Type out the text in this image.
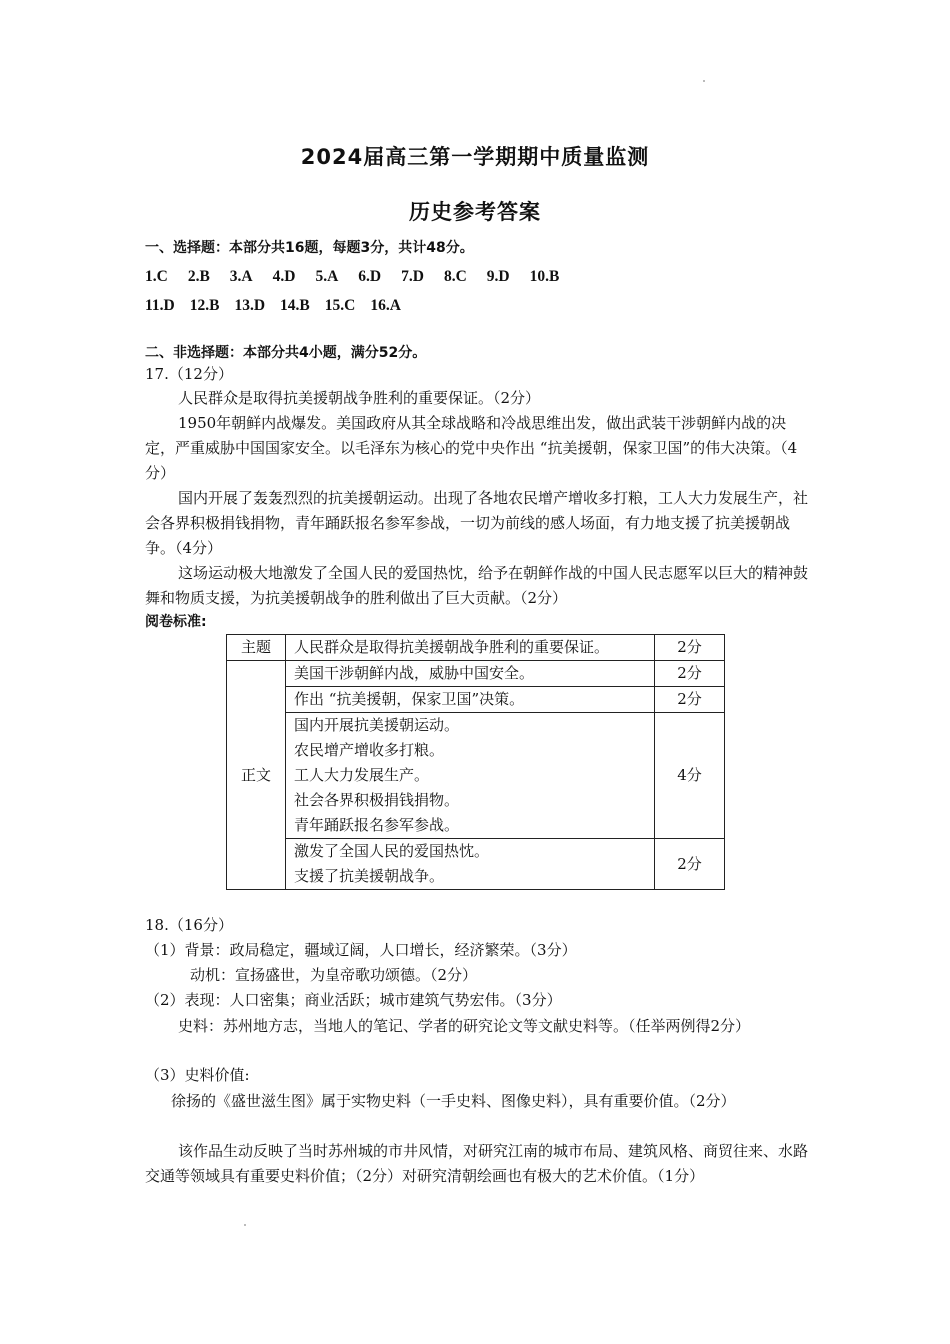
2024届高三第一学期期中质量监测
历史参考答案
一、选择题：本部分共16题，每题3分，共计48分。
1.C 2.B 3.A 4.D 5.A 6.D 7.D 8.C 9.D 10.B
11.D 12.B 13.D 14.B 15.C 16.A
二、非选择题：本部分共4小题，满分52分。
17.（12分）
人民群众是取得抗美援朝战争胜利的重要保证。（2分）
1950年朝鲜内战爆发。美国政府从其全球战略和冷战思维出发，做出武装干涉朝鲜内战的决定，严重威胁中国国家安全。以毛泽东为核心的党中央作出 “抗美援朝，保家卫国”的伟大决策。（4分）
国内开展了轰轰烈烈的抗美援朝运动。出现了各地农民增产增收多打粮，工人大力发展生产，社会各界积极捐钱捐物，青年踊跃报名参军参战，一切为前线的感人场面，有力地支援了抗美援朝战争。（4分）
这场运动极大地激发了全国人民的爱国热忱，给予在朝鲜作战的中国人民志愿军以巨大的精神鼓舞和物质支援，为抗美援朝战争的胜利做出了巨大贡献。（2分）
阅卷标准:
主题	人民群众是取得抗美援朝战争胜利的重要保证。	2分
正文	美国干涉朝鲜内战，威胁中国安全。	2分
	作出 “抗美援朝，保家卫国”决策。	2分

	国内开展抗美援朝运动。
农民增产增收多打粮。
工人大力发展生产。
社会各界积极捐钱捐物。
青年踊跃报名参军参战。	4分

	激发了全国人民的爱国热忱。
支援了抗美援朝战争。	2分
18.（16分）
（1）背景：政局稳定，疆域辽阔，人口增长，经济繁荣。（3分）
动机：宣扬盛世，为皇帝歌功颂德。（2分）
（2）表现：人口密集；商业活跃；城市建筑气势宏伟。（3分）
史料：苏州地方志，当地人的笔记、学者的研究论文等文献史料等。（任举两例得2分）
（3）史料价值:
徐扬的《盛世滋生图》属于实物史料（一手史料、图像史料），具有重要价值。（2分）
该作品生动反映了当时苏州城的市井风情，对研究江南的城市布局、建筑风格、商贸往来、水路交通等领域具有重要史料价值；（2分）对研究清朝绘画也有极大的艺术价值。（1分）
